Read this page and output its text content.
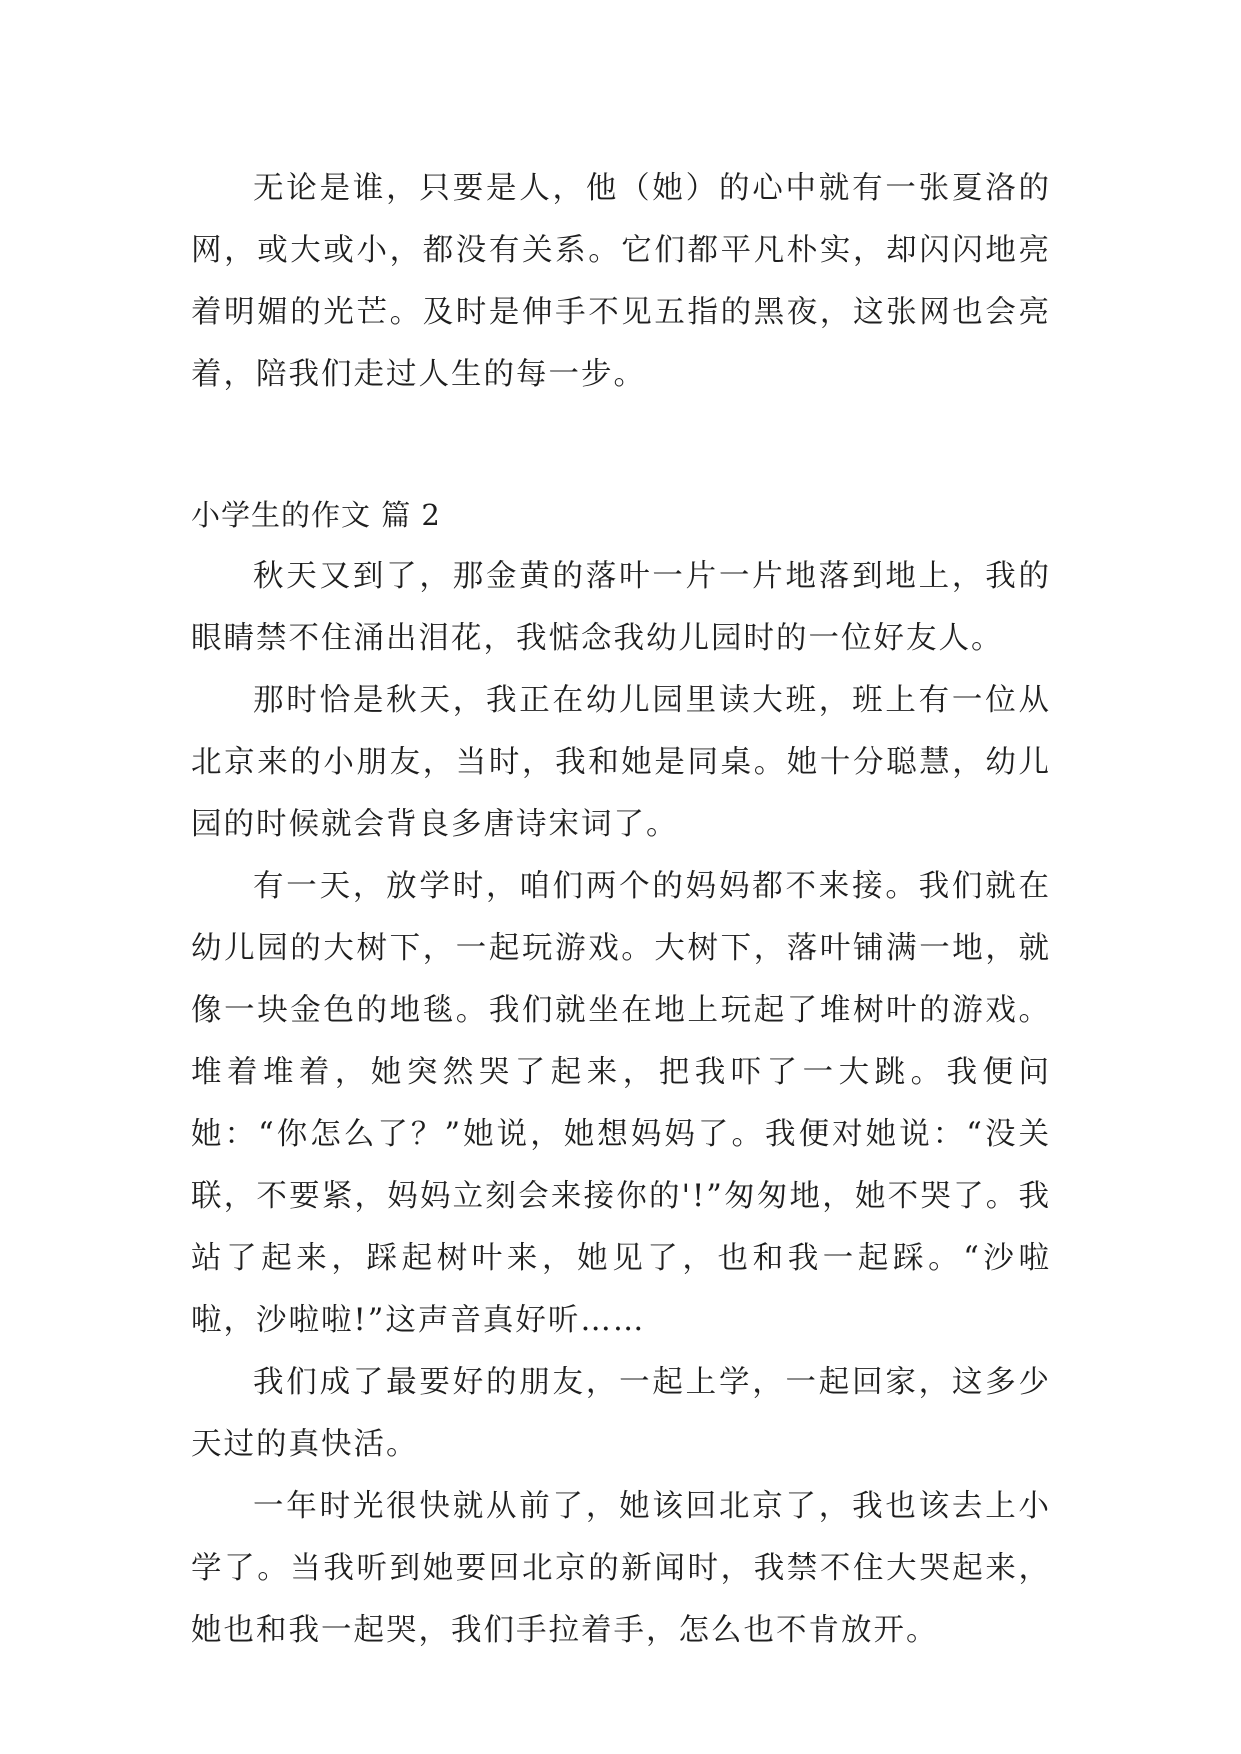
无论是谁，只要是人，他（她）的心中就有一张夏洛的网，或大或小，都没有关系。它们都平凡朴实，却闪闪地亮着明媚的光芒。及时是伸手不见五指的黑夜，这张网也会亮着，陪我们走过人生的每一步。

小学生的作文 篇 2

秋天又到了，那金黄的落叶一片一片地落到地上，我的眼睛禁不住涌出泪花，我惦念我幼儿园时的一位好友人。

那时恰是秋天，我正在幼儿园里读大班，班上有一位从北京来的小朋友，当时，我和她是同桌。她十分聪慧，幼儿园的时候就会背良多唐诗宋词了。

有一天，放学时，咱们两个的妈妈都不来接。我们就在幼儿园的大树下，一起玩游戏。大树下，落叶铺满一地，就像一块金色的地毯。我们就坐在地上玩起了堆树叶的游戏。堆着堆着，她突然哭了起来，把我吓了一大跳。我便问她：“你怎么了？”她说，她想妈妈了。我便对她说：“没关联，不要紧，妈妈立刻会来接你的'!”匆匆地，她不哭了。我站了起来，踩起树叶来，她见了，也和我一起踩。“沙啦啦，沙啦啦!”这声音真好听……

我们成了最要好的朋友，一起上学，一起回家，这多少天过的真快活。

一年时光很快就从前了，她该回北京了，我也该去上小学了。当我听到她要回北京的新闻时，我禁不住大哭起来，她也和我一起哭，我们手拉着手，怎么也不肯放开。
